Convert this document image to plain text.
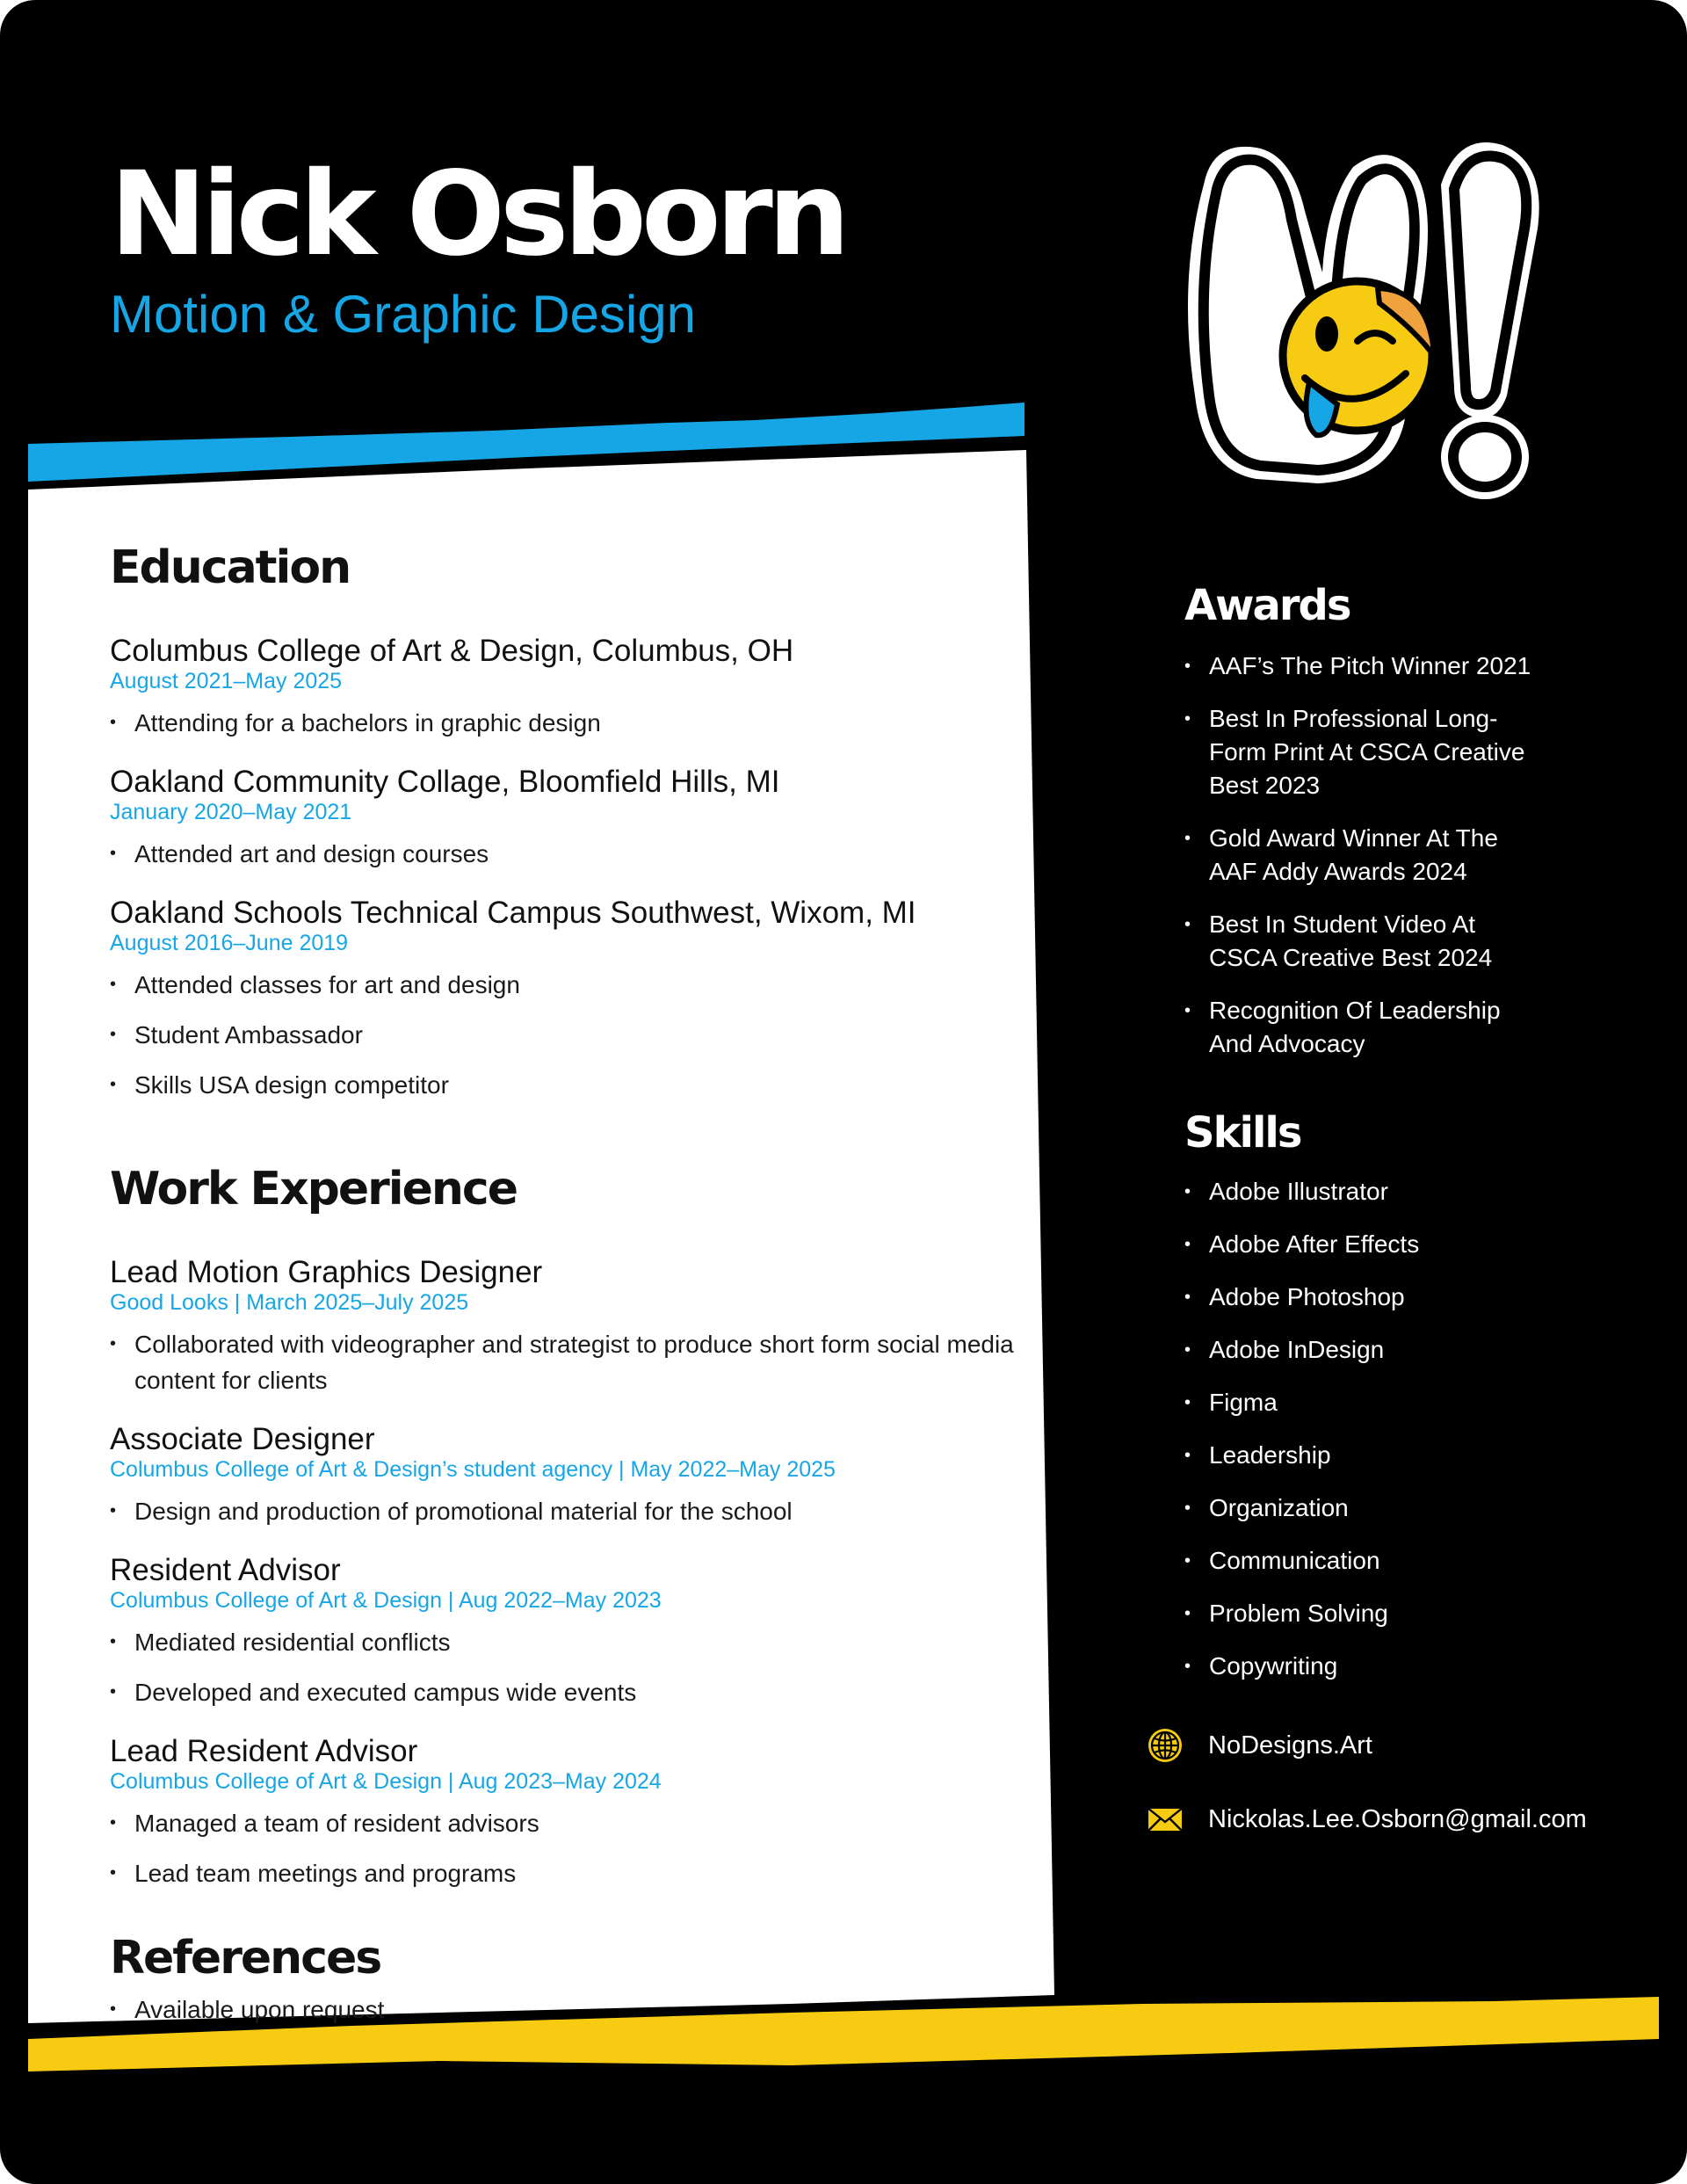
Nick Osborn
Motion & Graphic Design
Education
Columbus College of Art & Design, Columbus, OH
August 2021–May 2025
• Attending for a bachelors in graphic design
Oakland Community Collage, Bloomfield Hills, MI
January 2020–May 2021
• Attended art and design courses
Oakland Schools Technical Campus Southwest, Wixom, MI
August 2016–June 2019
• Attended classes for art and design
• Student Ambassador
• Skills USA design competitor
Work Experience
Lead Motion Graphics Designer
Good Looks | March 2025–July 2025
• Collaborated with videographer and strategist to produce short form social media content for clients
Associate Designer
Columbus College of Art & Design’s student agency | May 2022–May 2025
• Design and production of promotional material for the school
Resident Advisor
Columbus College of Art & Design | Aug 2022–May 2023
• Mediated residential conflicts
• Developed and executed campus wide events
Lead Resident Advisor
Columbus College of Art & Design | Aug 2023–May 2024
• Managed a team of resident advisors
• Lead team meetings and programs
References
• Available upon request
Awards
• AAF’s The Pitch Winner 2021
• Best In Professional Long-Form Print At CSCA Creative Best 2023
• Gold Award Winner At The AAF Addy Awards 2024
• Best In Student Video At CSCA Creative Best 2024
• Recognition Of Leadership And Advocacy
Skills
• Adobe Illustrator
• Adobe After Effects
• Adobe Photoshop
• Adobe InDesign
• Figma
• Leadership
• Organization
• Communication
• Problem Solving
• Copywriting
NoDesigns.Art
Nickolas.Lee.Osborn@gmail.com
